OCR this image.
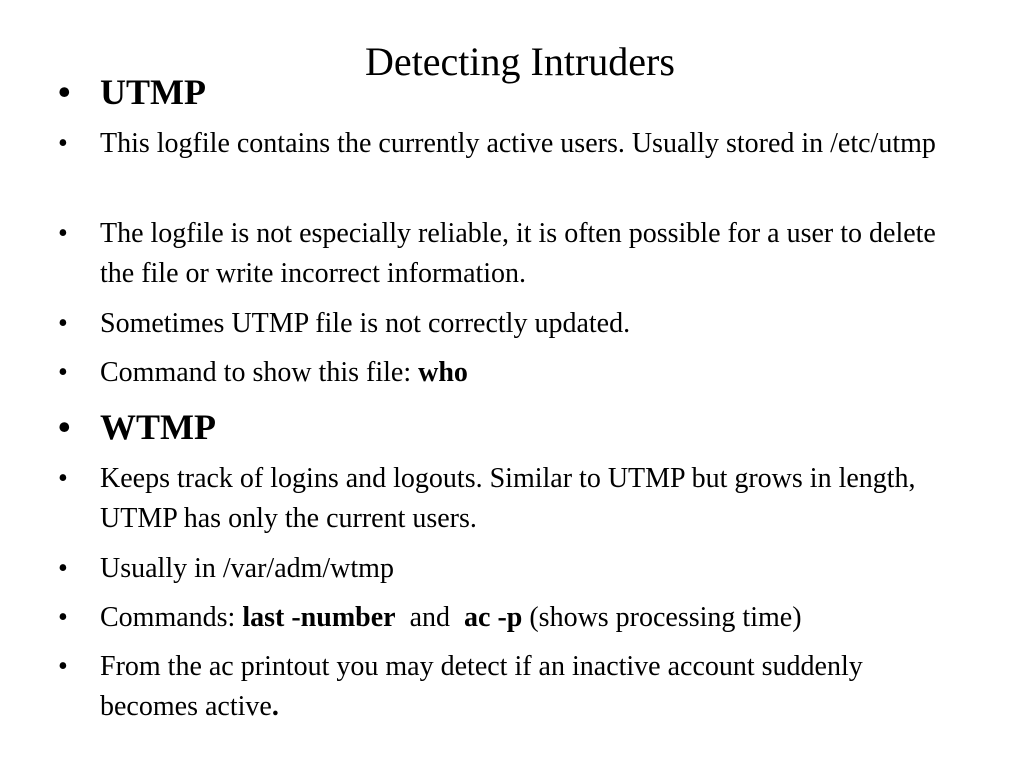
• UTMP
•	This logfile contains the currently active users. Usually stored in /etc/utmp
•	The logfile is not especially reliable, it is often possible for a user to delete the file or write incorrect information.
•	Sometimes UTMP file is not correctly updated.
•	Command to show this file: who
• WTMP
•	Keeps track of logins and logouts. Similar to UTMP but grows in length, UTMP has only the current users.
•	Usually in /var/adm/wtmp
•	Commands: last -number  and  ac -p (shows processing time)
•	From the ac printout you may detect if an inactive account suddenly becomes active.
Detecting Intruders
